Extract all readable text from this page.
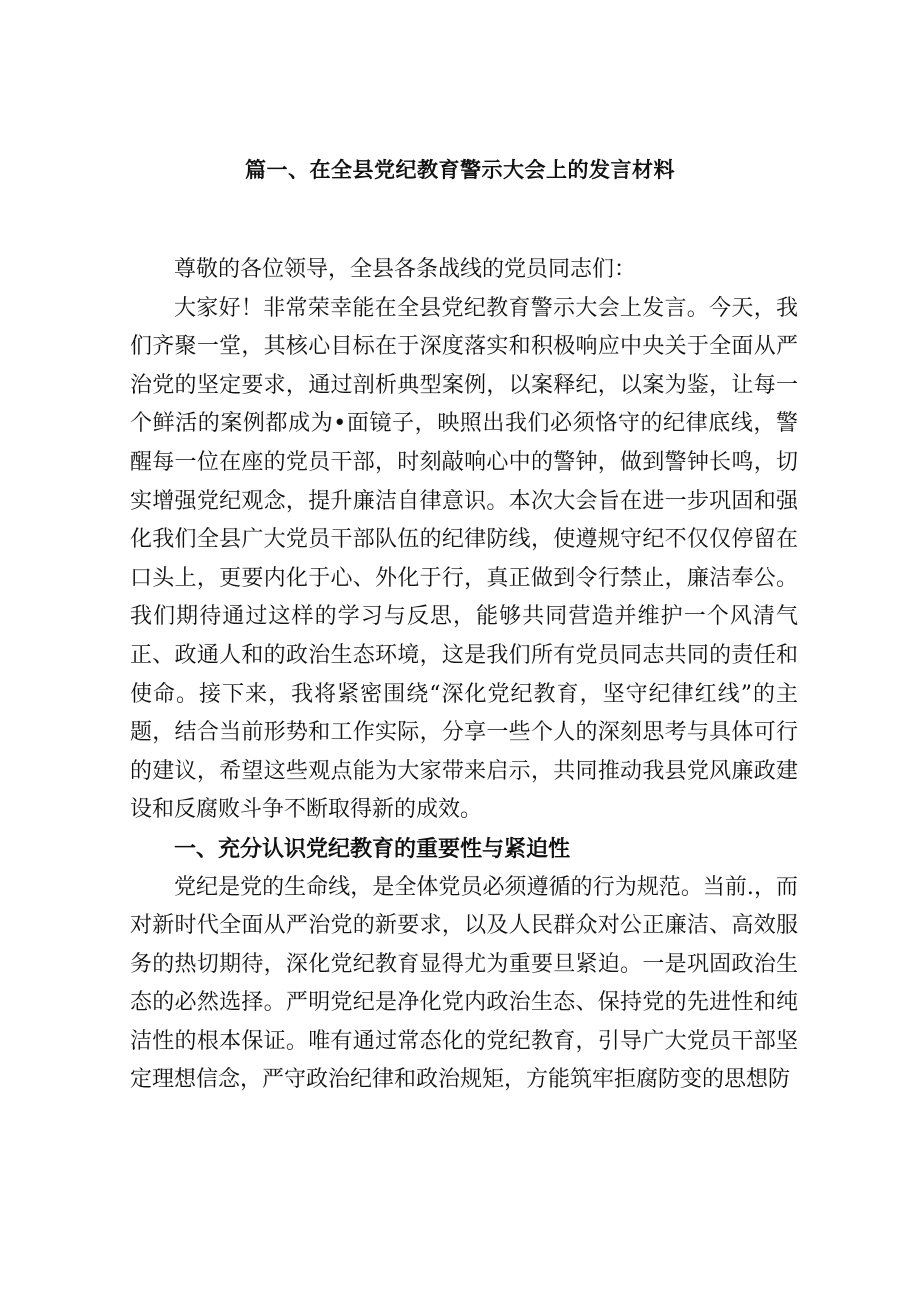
篇一、在全县党纪教育警示大会上的发言材料

尊敬的各位领导，全县各条战线的党员同志们：

大家好！非常荣幸能在全县党纪教育警示大会上发言。今天，我们齐聚一堂，其核心目标在于深度落实和积极响应中央关于全面从严治党的坚定要求，通过剖析典型案例，以案释纪，以案为鉴，让每一个鲜活的案例都成为•面镜子，映照出我们必须恪守的纪律底线，警醒每一位在座的党员干部，时刻敲响心中的警钟，做到警钟长鸣，切实增强党纪观念，提升廉洁自律意识。本次大会旨在进一步巩固和强化我们全县广大党员干部队伍的纪律防线，使遵规守纪不仅仅停留在口头上，更要内化于心、外化于行，真正做到令行禁止，廉洁奉公。我们期待通过这样的学习与反思，能够共同营造并维护一个风清气正、政通人和的政治生态环境，这是我们所有党员同志共同的责任和使命。接下来，我将紧密围绕“深化党纪教育，坚守纪律红线”的主题，结合当前形势和工作实际，分享一些个人的深刻思考与具体可行的建议，希望这些观点能为大家带来启示，共同推动我县党风廉政建设和反腐败斗争不断取得新的成效。

一、充分认识党纪教育的重要性与紧迫性

党纪是党的生命线，是全体党员必须遵循的行为规范。当前.，而对新时代全面从严治党的新要求，以及人民群众对公正廉洁、高效服务的热切期待，深化党纪教育显得尤为重要旦紧迫。一是巩固政治生态的必然选择。严明党纪是净化党内政治生态、保持党的先进性和纯洁性的根本保证。唯有通过常态化的党纪教育，引导广大党员干部坚定理想信念，严守政治纪律和政治规矩，方能筑牢拒腐防变的思想防
